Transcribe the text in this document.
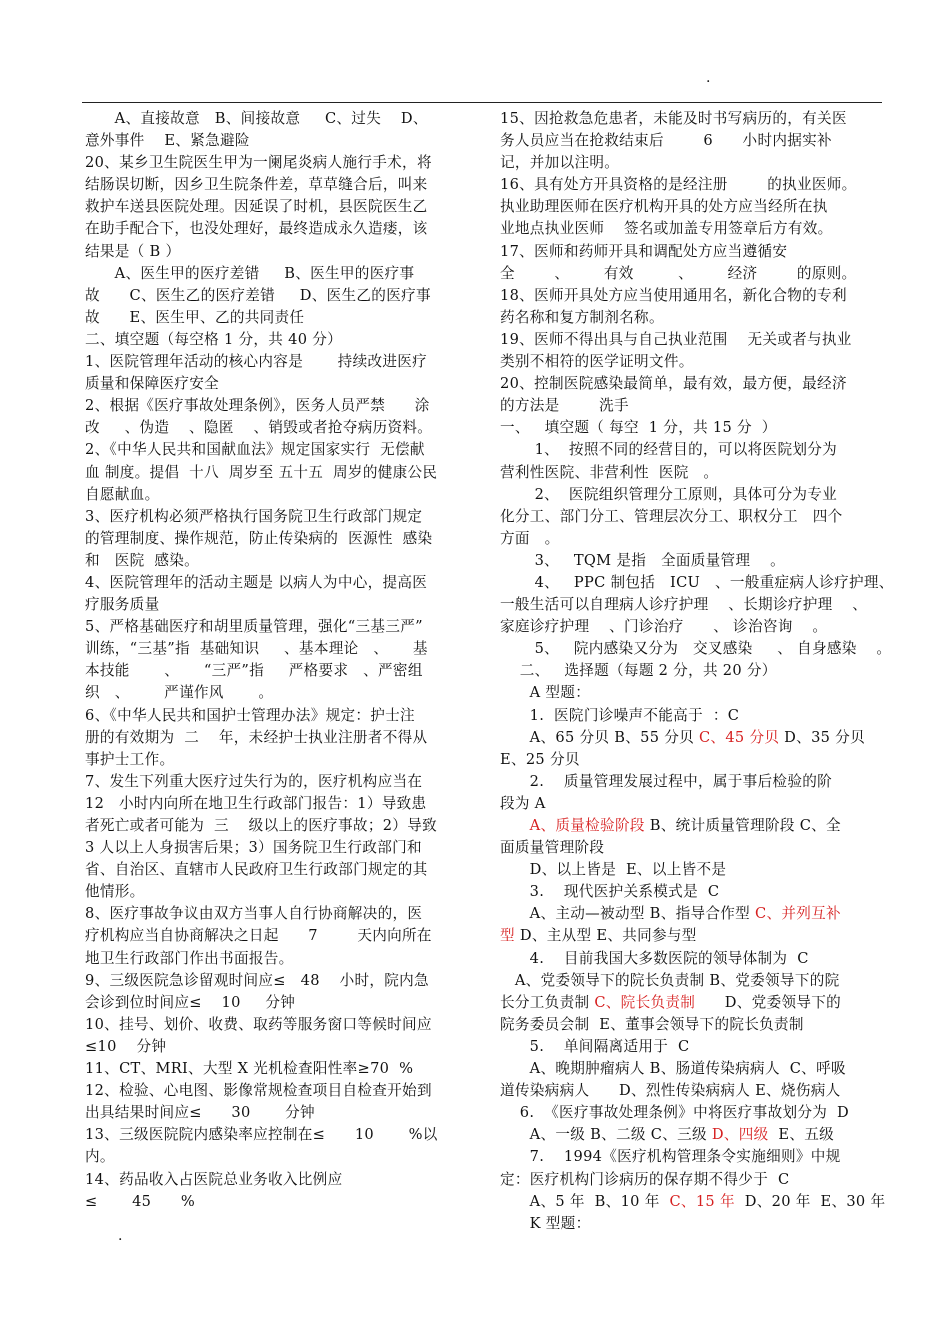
.
A、直接故意   B、间接故意     C、过失    D、
意外事件    E、紧急避险
20、某乡卫生院医生甲为一阑尾炎病人施行手术，将
结肠误切断，因乡卫生院条件差，草草缝合后，叫来
救护车送县医院处理。因延误了时机，县医院医生乙
在助手配合下，也没处理好，最终造成永久造瘘，该
结果是（ B ）
A、医生甲的医疗差错     B、医生甲的医疗事
故      C、医生乙的医疗差错     D、医生乙的医疗事
故      E、医生甲、乙的共同责任
二、填空题（每空格 1 分，共 40 分）
1、医院管理年活动的核心内容是       持续改进医疗
质量和保障医疗安全
2、根据《医疗事故处理条例》，医务人员严禁      涂
改     、伪造    、隐匿    、销毁或者抢夺病历资料。
2、《中华人民共和国献血法》规定国家实行  无偿献
血 制度。提倡  十八  周岁至 五十五  周岁的健康公民
自愿献血。
3、医疗机构必须严格执行国务院卫生行政部门规定
的管理制度、操作规范，防止传染病的  医源性  感染
和   医院  感染。
4、医院管理年的活动主题是 以病人为中心，提高医
疗服务质量
5、严格基础医疗和胡里质量管理，强化“三基三严”
训练，“三基”指  基础知识     、基本理论   、     基
本技能       、     “三严”指     严格要求   、严密组
织   、       严谨作风       。
6、《中华人民共和国护士管理办法》规定：护士注
册的有效期为  二    年，未经护士执业注册者不得从
事护士工作。
7、发生下列重大医疗过失行为的，医疗机构应当在
12   小时内向所在地卫生行政部门报告：1）导致患
者死亡或者可能为  三    级以上的医疗事故；2）导致
3 人以上人身损害后果；3）国务院卫生行政部门和
省、自治区、直辖市人民政府卫生行政部门规定的其
他情形。
8、医疗事故争议由双方当事人自行协商解决的，医
疗机构应当自协商解决之日起      7        天内向所在
地卫生行政部门作出书面报告。
9、三级医院急诊留观时间应≤   48    小时，院内急
会诊到位时间应≤    10     分钟
10、挂号、划价、收费、取药等服务窗口等候时间应
≤10    分钟
11、CT、MRI、大型 X 光机检查阳性率≥70  %
12、检验、心电图、影像常规检查项目自检查开始到
出具结果时间应≤      30       分钟
13、三级医院院内感染率应控制在≤      10       %以
内。
14、药品收入占医院总业务收入比例应
≤       45      %
15、因抢救急危患者，未能及时书写病历的，有关医
务人员应当在抢救结束后        6      小时内据实补
记，并加以注明。
16、具有处方开具资格的是经注册        的执业医师。
执业助理医师在医疗机构开具的处方应当经所在执
业地点执业医师    签名或加盖专用签章后方有效。
17、医师和药师开具和调配处方应当遵循安
全        、       有效         、       经济        的原则。
18、医师开具处方应当使用通用名，新化合物的专利
药名称和复方制剂名称。
19、医师不得出具与自己执业范围    无关或者与执业
类别不相符的医学证明文件。
20、控制医院感染最简单，最有效，最方便，最经济
的方法是        洗手
一、   填空题（ 每空  1 分，共 15 分  ）
1、  按照不同的经营目的，可以将医院划分为
营利性医院、非营利性  医院   。
2、  医院组织管理分工原则，具体可分为专业
化分工、部门分工、管理层次分工、职权分工   四个
方面   。
3、   TQM 是指   全面质量管理    。
4、   PPC 制包括   ICU   、一般重症病人诊疗护理、
一般生活可以自理病人诊疗护理    、长期诊疗护理    、
家庭诊疗护理    、门诊治疗      、 诊治咨询    。
5、   院内感染又分为   交叉感染     、 自身感染    。
二、   选择题（每题 2 分，共 20 分）
A 型题：
1.  医院门诊噪声不能高于  ：C
A、65 分贝 B、55 分贝 C、45 分贝 D、35 分贝
E、25 分贝
2.    质量管理发展过程中，属于事后检验的阶
段为 A
A、质量检验阶段 B、统计质量管理阶段 C、全
面质量管理阶段
D、以上皆是  E、以上皆不是
3.    现代医护关系模式是  C
A、主动—被动型 B、指导合作型 C、并列互补
型 D、主从型 E、共同参与型
4.    目前我国大多数医院的领导体制为  C
A、党委领导下的院长负责制 B、党委领导下的院
长分工负责制 C、院长负责制      D、党委领导下的
院务委员会制  E、董事会领导下的院长负责制
5.    单间隔离适用于  C
A、晚期肿瘤病人 B、肠道传染病病人  C、呼吸
道传染病病人      D、烈性传染病病人 E、烧伤病人
6.  《医疗事故处理条例》中将医疗事故划分为  D
A、一级 B、二级 C、三级 D、四级  E、五级
7.    1994《医疗机构管理条令实施细则》中规
定：医疗机构门诊病历的保存期不得少于  C
A、5 年  B、10 年  C、15 年  D、20 年  E、30 年
K 型题：
.
